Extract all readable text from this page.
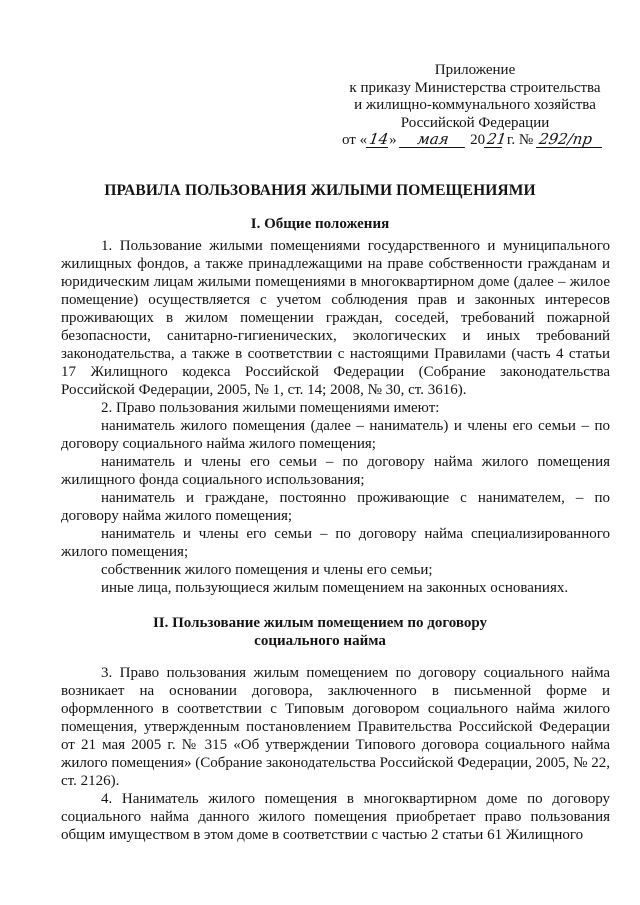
Приложение
к приказу Министерства строительства
и жилищно-коммунального хозяйства
Российской Федерации
от «14» мая 2021 г. № 292/пр
ПРАВИЛА ПОЛЬЗОВАНИЯ ЖИЛЫМИ ПОМЕЩЕНИЯМИ
I. Общие положения

1. Пользование жилыми помещениями государственного и муниципального жилищных фондов, а также принадлежащими на праве собственности гражданам и юридическим лицам жилыми помещениями в многоквартирном доме (далее – жилое помещение) осуществляется с учетом соблюдения прав и законных интересов проживающих в жилом помещении граждан, соседей, требований пожарной безопасности, санитарно-гигиенических, экологических и иных требований законодательства, а также в соответствии с настоящими Правилами (часть 4 статьи 17 Жилищного кодекса Российской Федерации (Собрание законодательства Российской Федерации, 2005, № 1, ст. 14; 2008, № 30, ст. 3616).

2. Право пользования жилыми помещениями имеют:

наниматель жилого помещения (далее – наниматель) и члены его семьи – по договору социального найма жилого помещения;

наниматель и члены его семьи – по договору найма жилого помещения жилищного фонда социального использования;

наниматель и граждане, постоянно проживающие с нанимателем, – по договору найма жилого помещения;

наниматель и члены его семьи – по договору найма специализированного жилого помещения;

собственник жилого помещения и члены его семьи;

иные лица, пользующиеся жилым помещением на законных основаниях.

II. Пользование жилым помещением по договору
социального найма

3. Право пользования жилым помещением по договору социального найма возникает на основании договора, заключенного в письменной форме и оформленного в соответствии с Типовым договором социального найма жилого помещения, утвержденным постановлением Правительства Российской Федерации от 21 мая 2005 г. № 315 «Об утверждении Типового договора социального найма жилого помещения» (Собрание законодательства Российской Федерации, 2005, № 22, ст. 2126).

4. Наниматель жилого помещения в многоквартирном доме по договору социального найма данного жилого помещения приобретает право пользования общим имуществом в этом доме в соответствии с частью 2 статьи 61 Жилищного
